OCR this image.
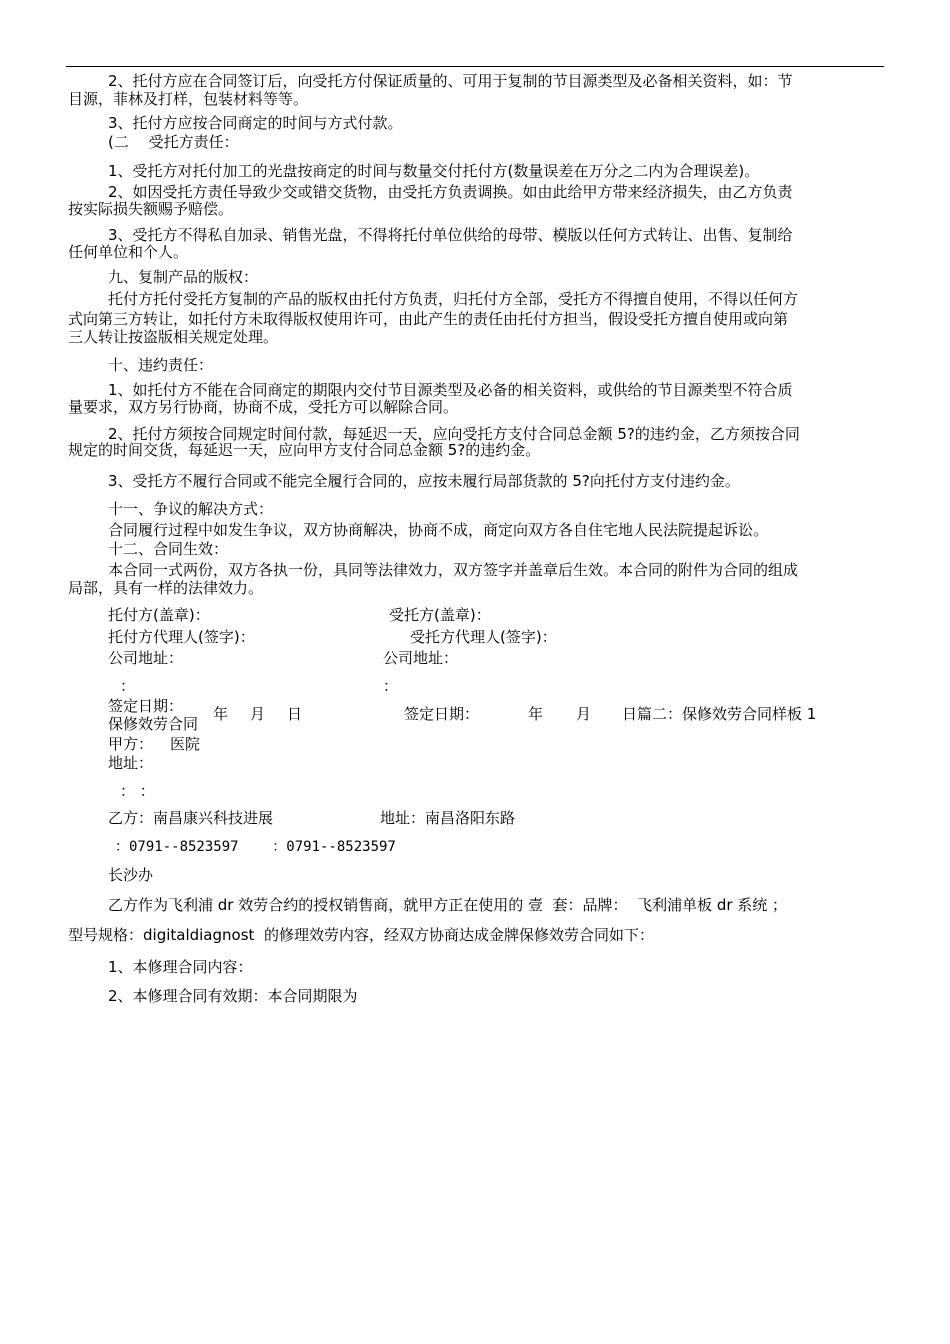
2、托付方应在合同签订后，向受托方付保证质量的、可用于复制的节目源类型及必备相关资料，如：节

目源，菲林及打样，包装材料等等。

3、托付方应按合同商定的时间与方式付款。

(二　 受托方责任：

1、受托方对托付加工的光盘按商定的时间与数量交付托付方(数量误差在万分之二内为合理误差)。

2、如因受托方责任导致少交或错交货物，由受托方负责调换。如由此给甲方带来经济损失，由乙方负责

按实际损失额赐予赔偿。

3、受托方不得私自加录、销售光盘，不得将托付单位供给的母带、模版以任何方式转让、出售、复制给

任何单位和个人。

九、复制产品的版权：

托付方托付受托方复制的产品的版权由托付方负责，归托付方全部，受托方不得擅自使用，不得以任何方

式向第三方转让，如托付方未取得版权使用许可，由此产生的责任由托付方担当，假设受托方擅自使用或向第

三人转让按盗版相关规定处理。

十、违约责任：

1、如托付方不能在合同商定的期限内交付节目源类型及必备的相关资料，或供给的节目源类型不符合质

量要求，双方另行协商，协商不成，受托方可以解除合同。

2、托付方须按合同规定时间付款，每延迟一天，应向受托方支付合同总金额 5?的违约金，乙方须按合同

规定的时间交货，每延迟一天，应向甲方支付合同总金额 5?的违约金。

3、受托方不履行合同或不能完全履行合同的，应按未履行局部货款的 5?向托付方支付违约金。

十一、争议的解决方式：

合同履行过程中如发生争议，双方协商解决，协商不成，商定向双方各自住宅地人民法院提起诉讼。

十二、合同生效：

本合同一式两份，双方各执一份，具同等法律效力，双方签字并盖章后生效。本合同的附件为合同的组成

局部，具有一样的法律效力。

托付方(盖章)：	受托方(盖章)：

托付方代理人(签字)：	受托方代理人(签字)：

公司地址：	公司地址：

：	：

签定日期： 年 月 日	签定日期：	年 月 日篇二：保修效劳合同样板 1

保修效劳合同

甲方： 医院

地址：

： ：

乙方：南昌康兴科技进展	地址：南昌洛阳东路

：0791--8523597    ：0791--8523597

长沙办

乙方作为飞利浦 dr 效劳合约的授权销售商，就甲方正在使用的 壹  套：品牌：  飞利浦单板 dr 系统 ；

型号规格：digitaldiagnost  的修理效劳内容，经双方协商达成金牌保修效劳合同如下：

1、本修理合同内容：

2、本修理合同有效期：本合同期限为
